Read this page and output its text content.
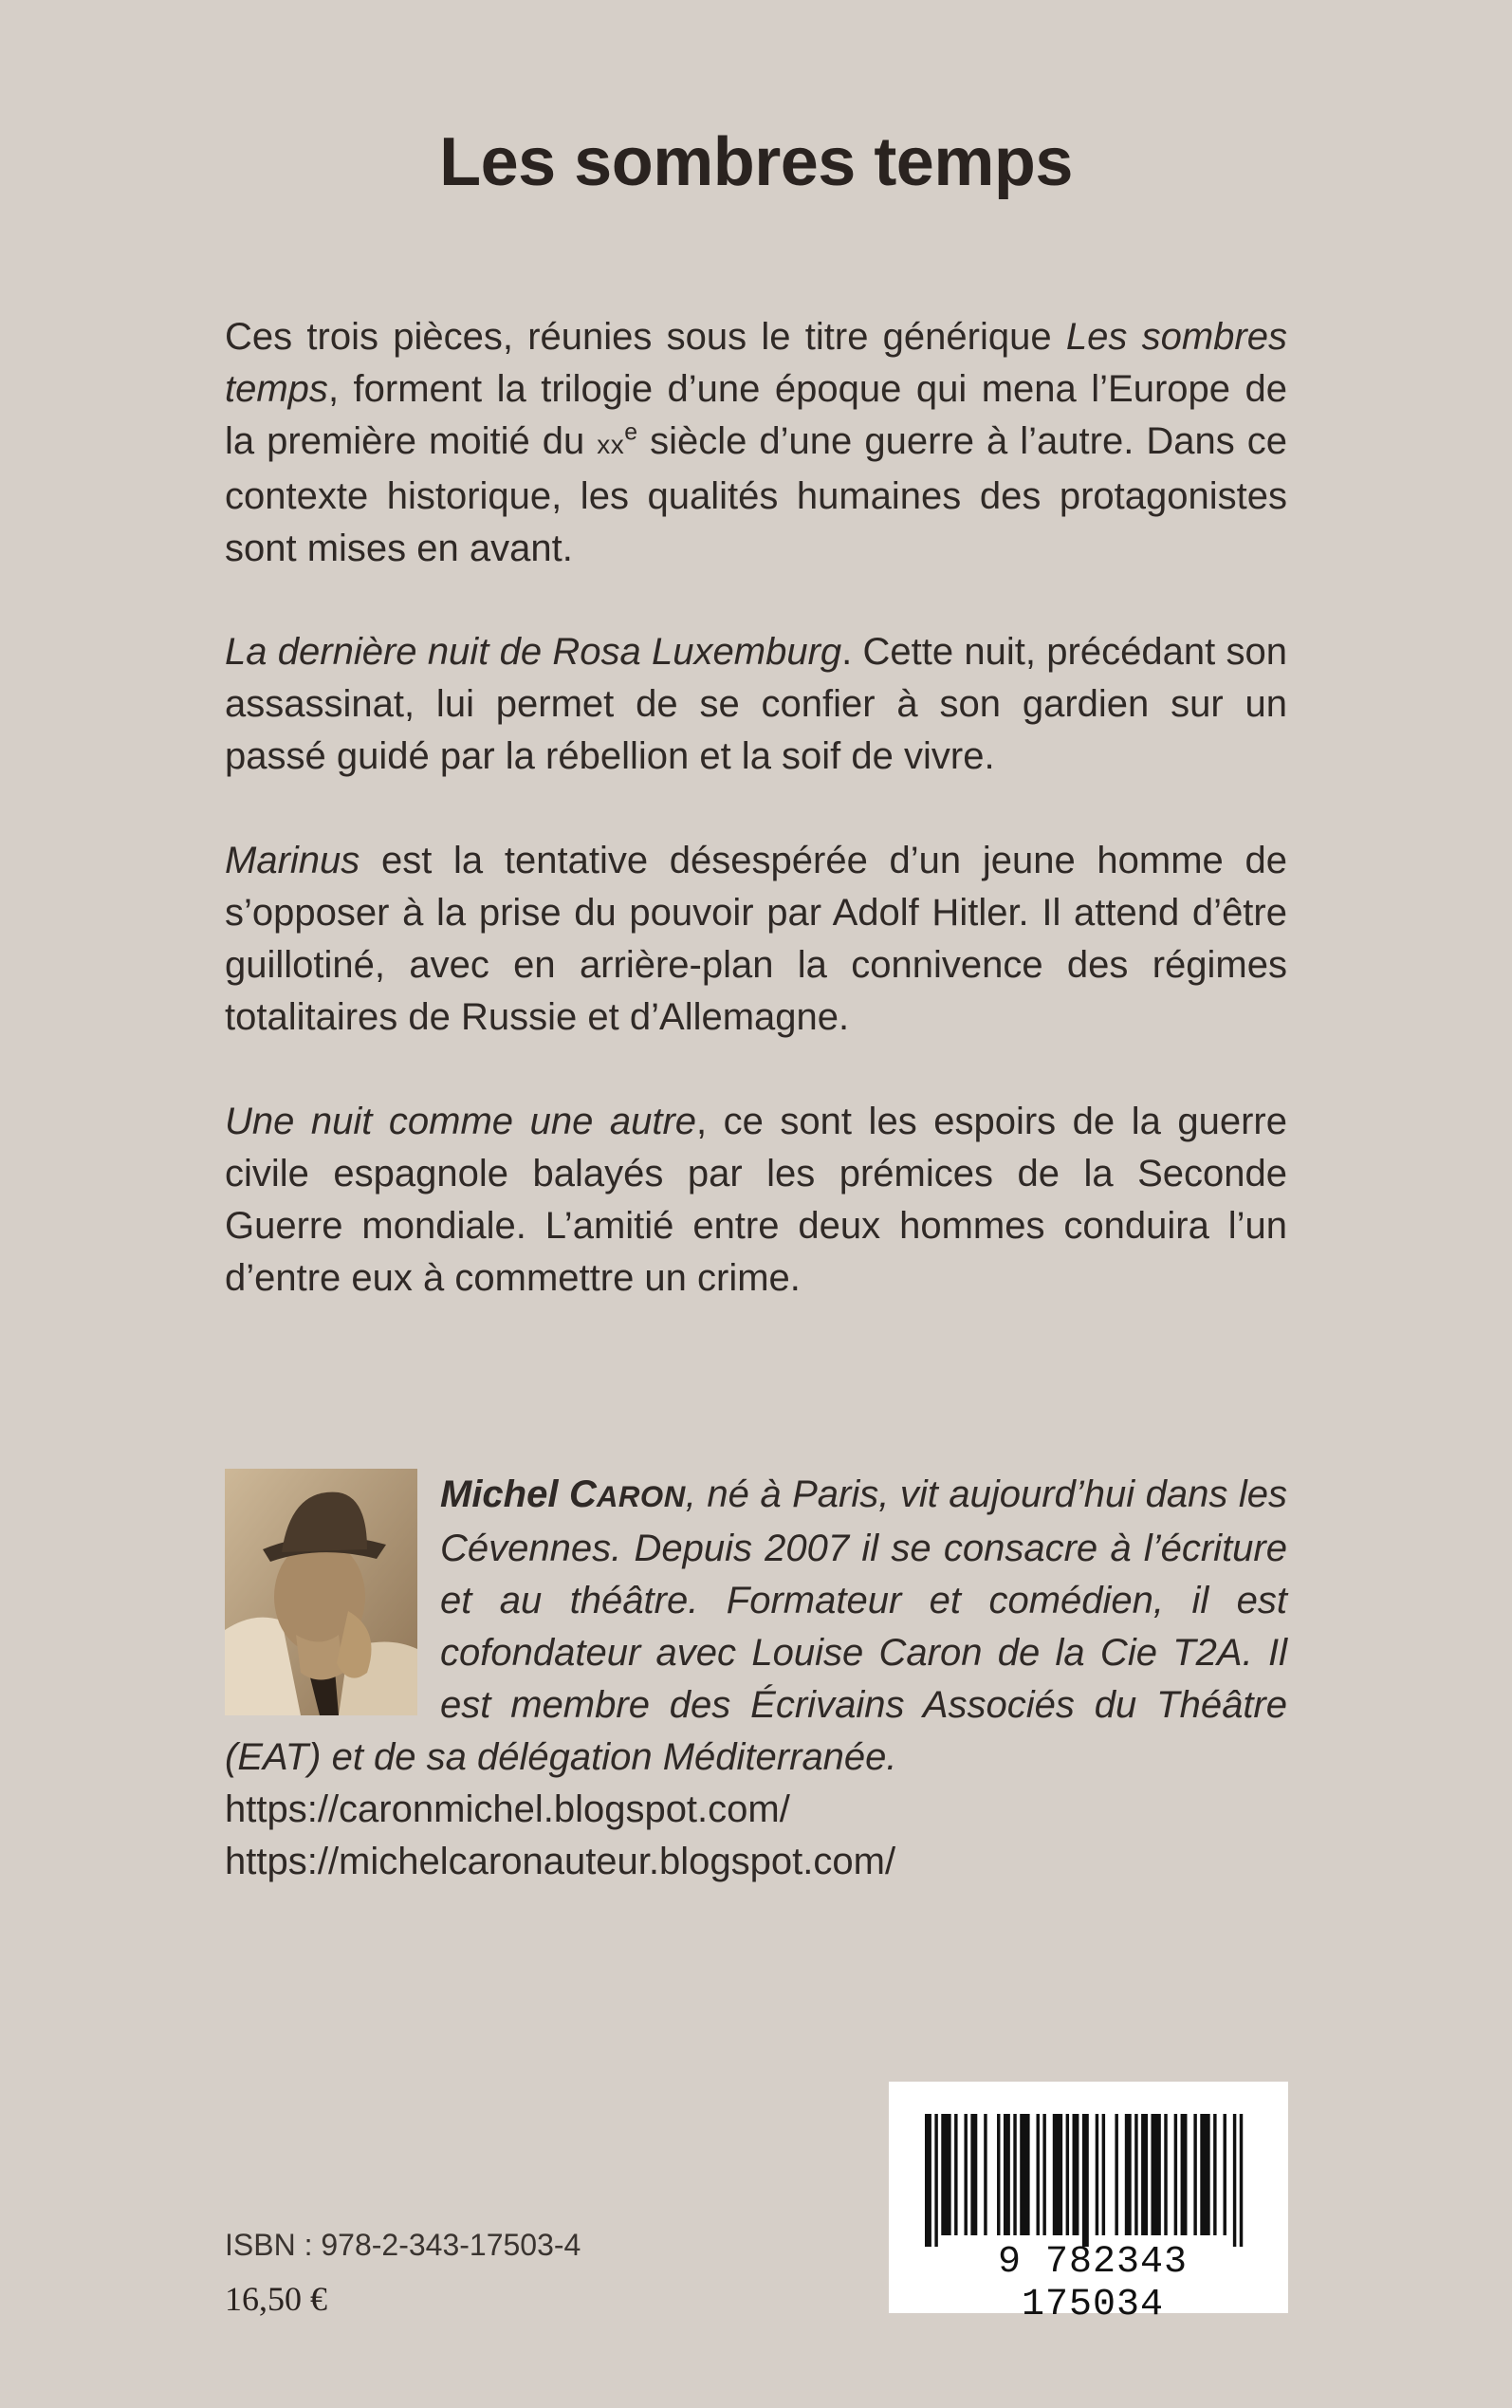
Les sombres temps

Ces trois pièces, réunies sous le titre générique Les sombres temps, forment la trilogie d’une époque qui mena l’Europe de la première moitié du $xx^e$ siècle d’une guerre à l’autre. Dans ce contexte historique, les qualités humaines des protagonistes sont mises en avant.

La dernière nuit de Rosa Luxemburg. Cette nuit, précédant son assassinat, lui permet de se confier à son gardien sur un passé guidé par la rébellion et la soif de vivre.

Marinus est la tentative désespérée d’un jeune homme de s’opposer à la prise du pouvoir par Adolf Hitler. Il attend d’être guillotiné, avec en arrière-plan la connivence des régimes totalitaires de Russie et d’Allemagne.

Une nuit comme une autre, ce sont les espoirs de la guerre civile espagnole balayés par les prémices de la Seconde Guerre mondiale. L’amitié entre deux hommes conduira l’un d’entre eux à commettre un crime.

Michel CARON, né à Paris, vit aujourd’hui dans les Cévennes. Depuis 2007 il se consacre à l’écriture et au théâtre. Formateur et comédien, il est cofondateur avec Louise Caron de la Cie T2A. Il est membre des Écrivains Associés du Théâtre (EAT) et de sa délégation Méditerranée.

https://caronmichel.blogspot.com/
https://michelcaronauteur.blogspot.com/
9 782343 175034
ISBN : 978-2-343-17503-4
16,50 €
